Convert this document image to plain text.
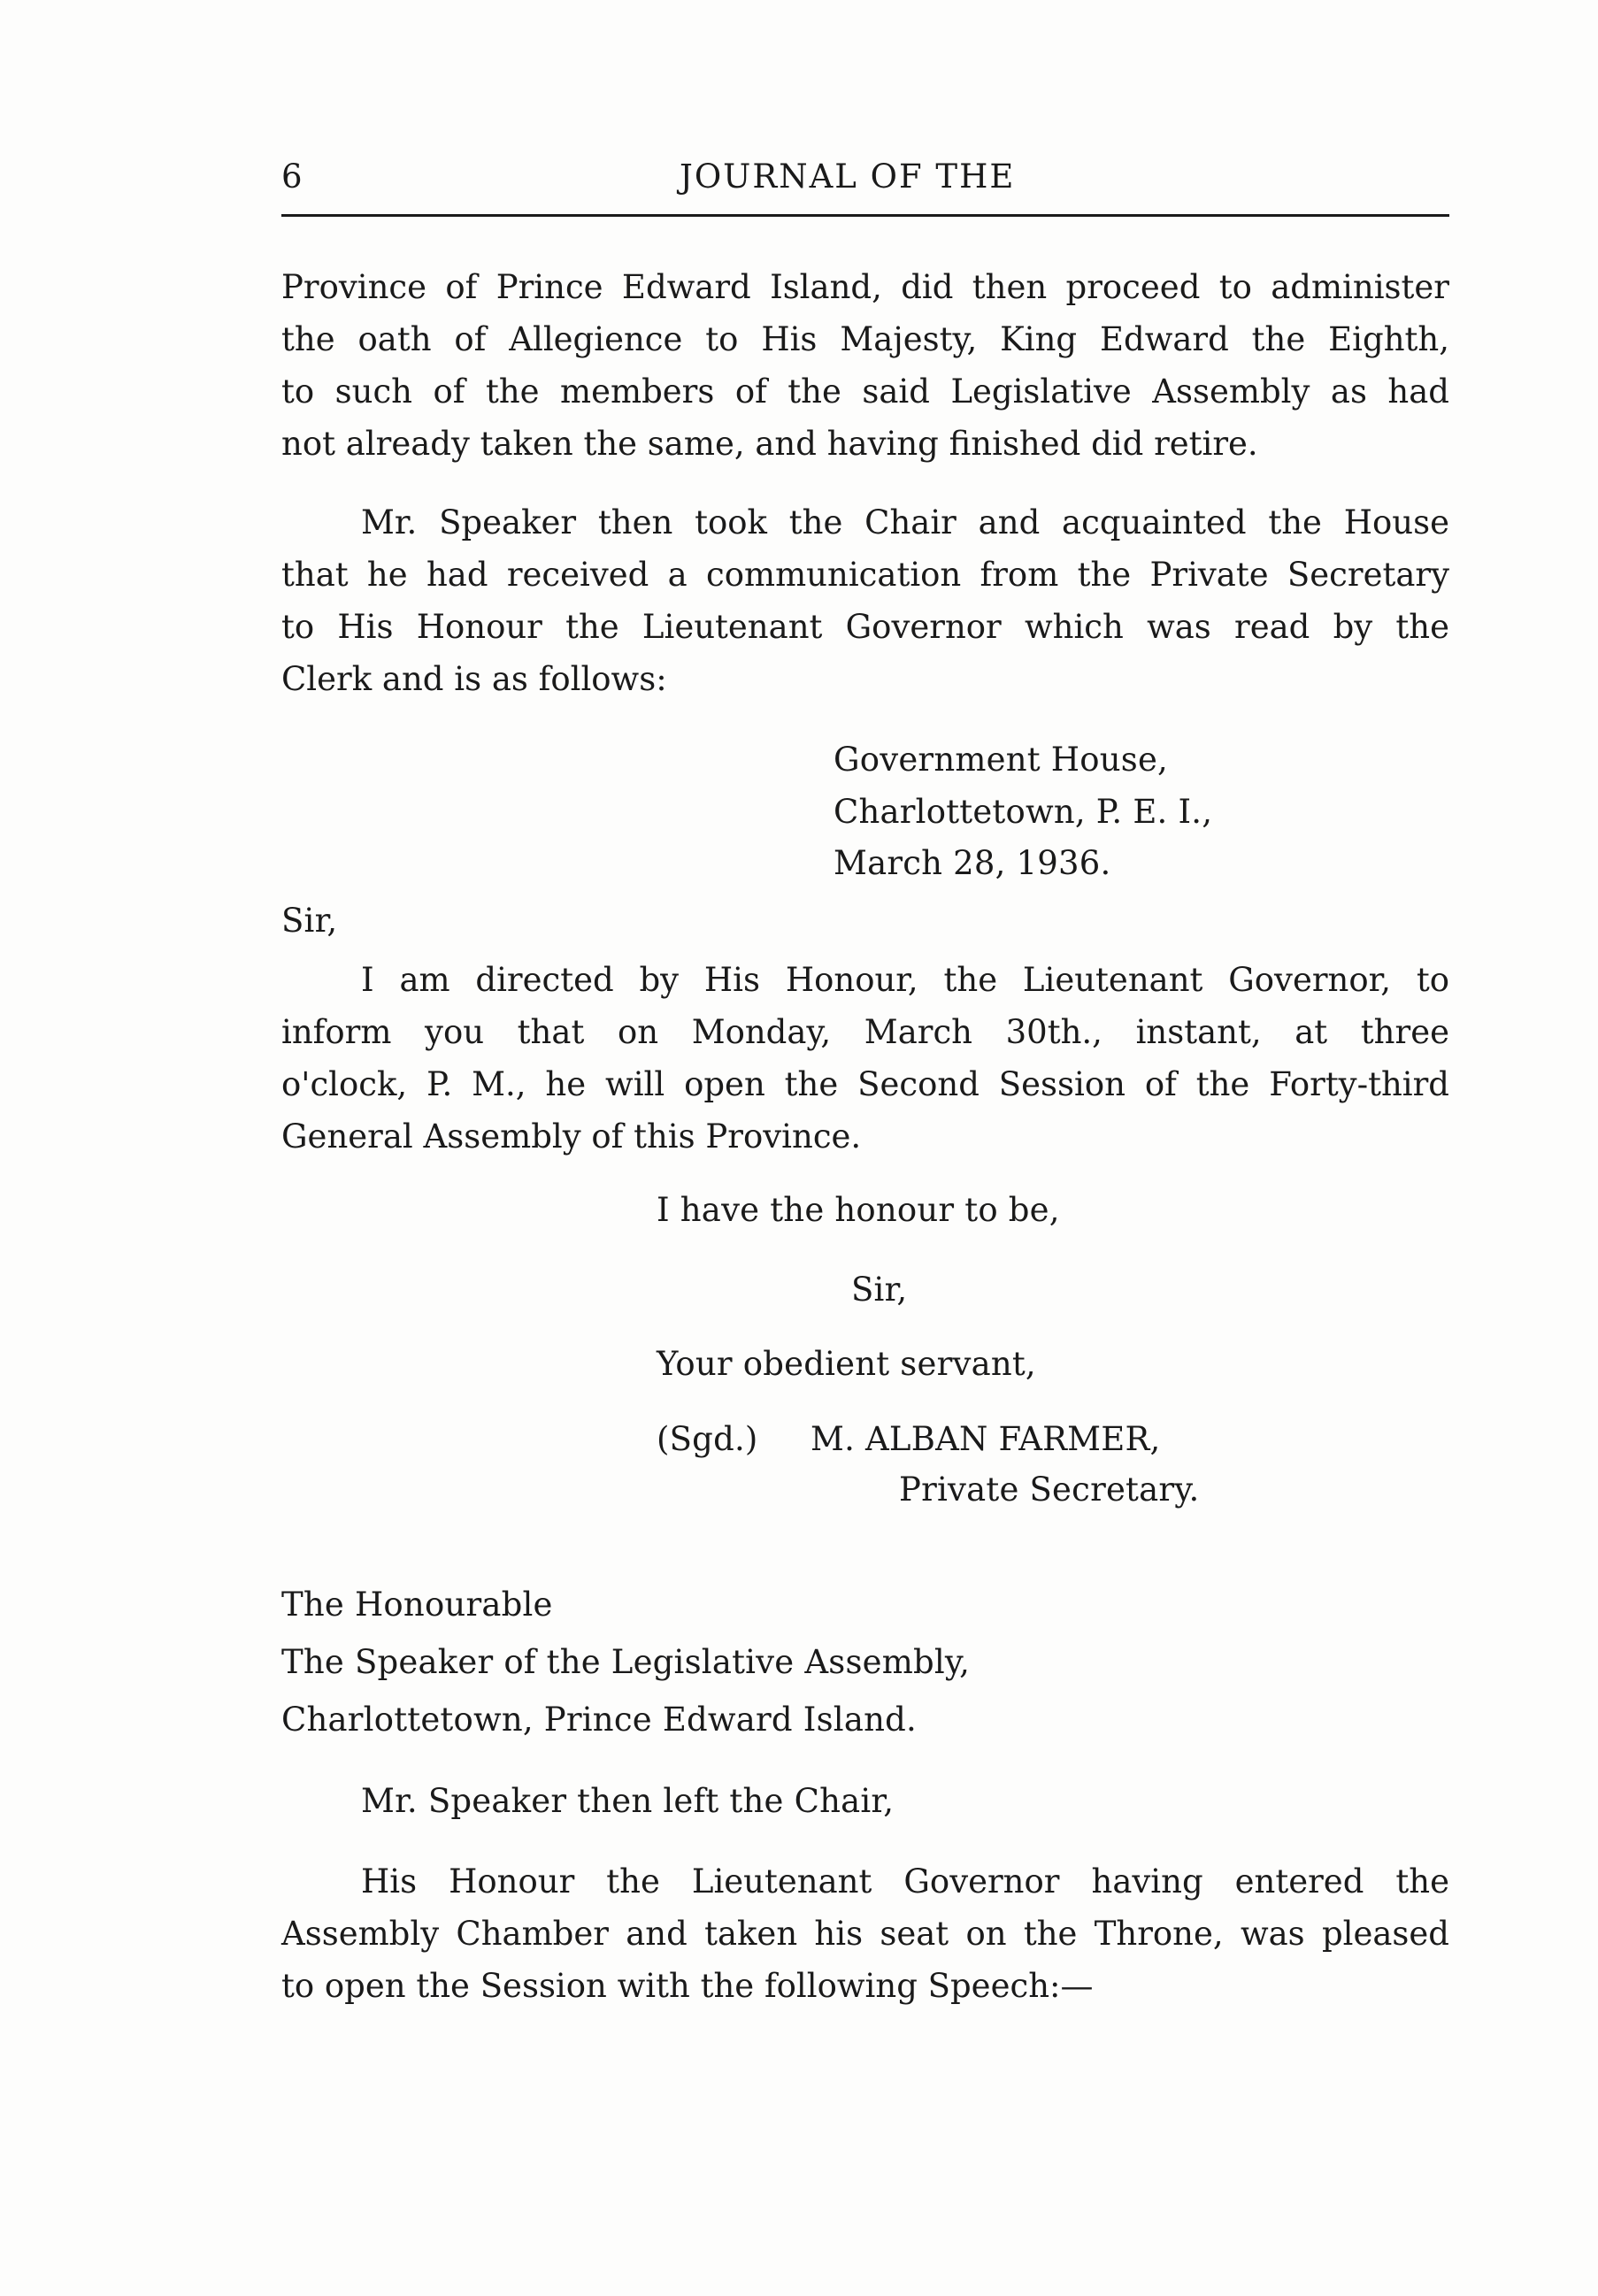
6	JOURNAL OF THE
Province of Prince Edward Island, did then proceed to administer
the oath of Allegience to His Majesty, King Edward the Eighth,
to such of the members of the said Legislative Assembly as had
not already taken the same, and having finished did retire.
Mr. Speaker then took the Chair and acquainted the House
that he had received a communication from the Private Secretary
to His Honour the Lieutenant Governor which was read by the
Clerk and is as follows:
Government House,
Charlottetown, P. E. I.,
March 28, 1936.
Sir,
I am directed by His Honour, the Lieutenant Governor, to
inform you that on Monday, March 30th., instant, at three
o'clock, P. M., he will open the Second Session of the Forty-third
General Assembly of this Province.
I have the honour to be,
Sir,
Your obedient servant,
(Sgd.) M. ALBAN FARMER,
Private Secretary.
The Honourable
The Speaker of the Legislative Assembly,
Charlottetown, Prince Edward Island.
Mr. Speaker then left the Chair,
His Honour the Lieutenant Governor having entered the
Assembly Chamber and taken his seat on the Throne, was pleased
to open the Session with the following Speech:—
